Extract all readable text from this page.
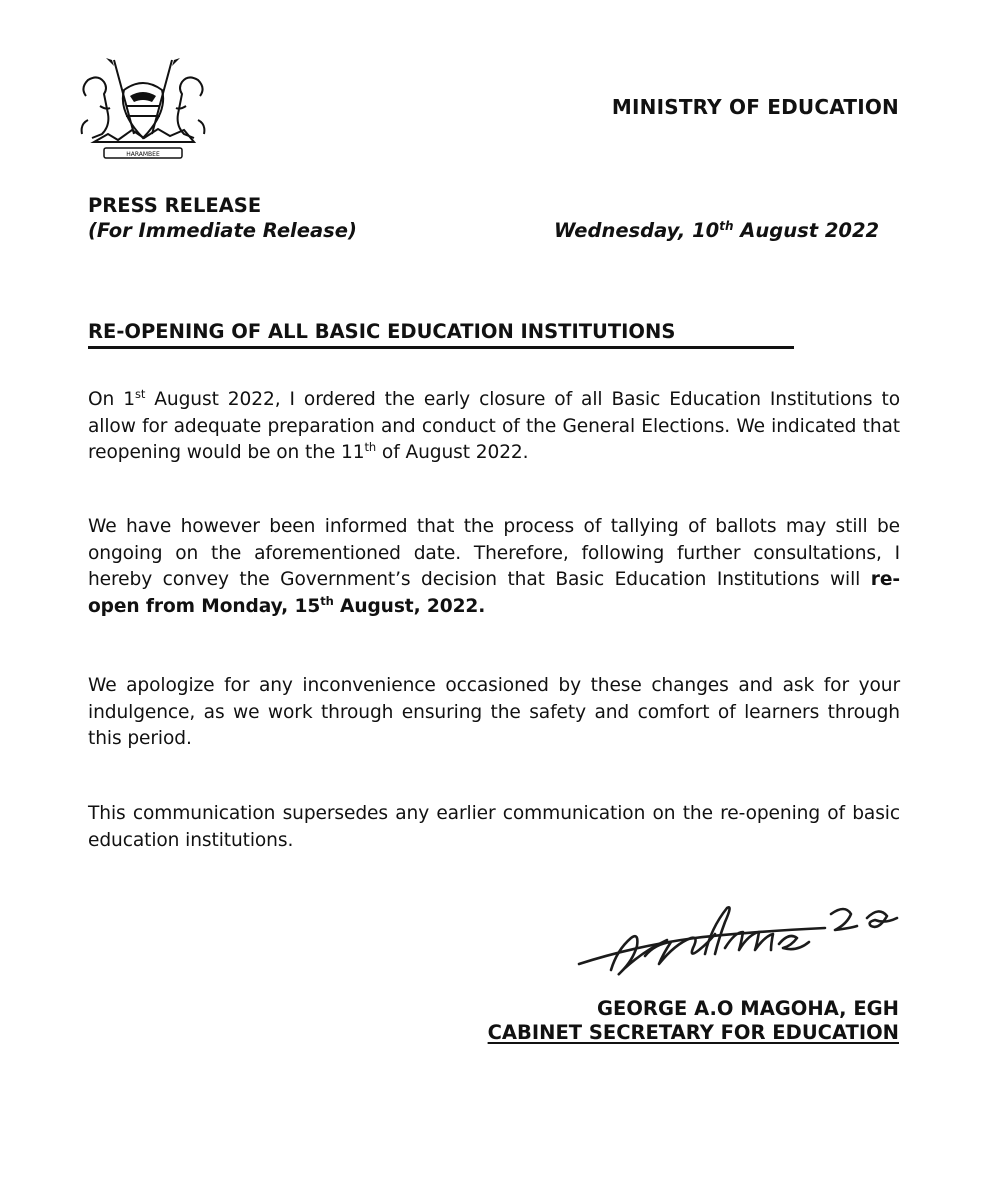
HARAMBEE
MINISTRY OF EDUCATION
PRESS RELEASE
(For Immediate Release)	Wednesday, 10th August 2022
RE-OPENING OF ALL BASIC EDUCATION INSTITUTIONS
On 1st August 2022, I ordered the early closure of all Basic Education Institutions to allow for adequate preparation and conduct of the General Elections. We indicated that reopening would be on the 11th of August 2022.
We have however been informed that the process of tallying of ballots may still be ongoing on the aforementioned date. Therefore, following further consultations, I hereby convey the Government’s decision that Basic Education Institutions will re-open from Monday, 15th August, 2022.
We apologize for any inconvenience occasioned by these changes and ask for your indulgence, as we work through ensuring the safety and comfort of learners through this period.
This communication supersedes any earlier communication on the re-opening of basic education institutions.
GEORGE A.O MAGOHA, EGH
CABINET SECRETARY FOR EDUCATION
